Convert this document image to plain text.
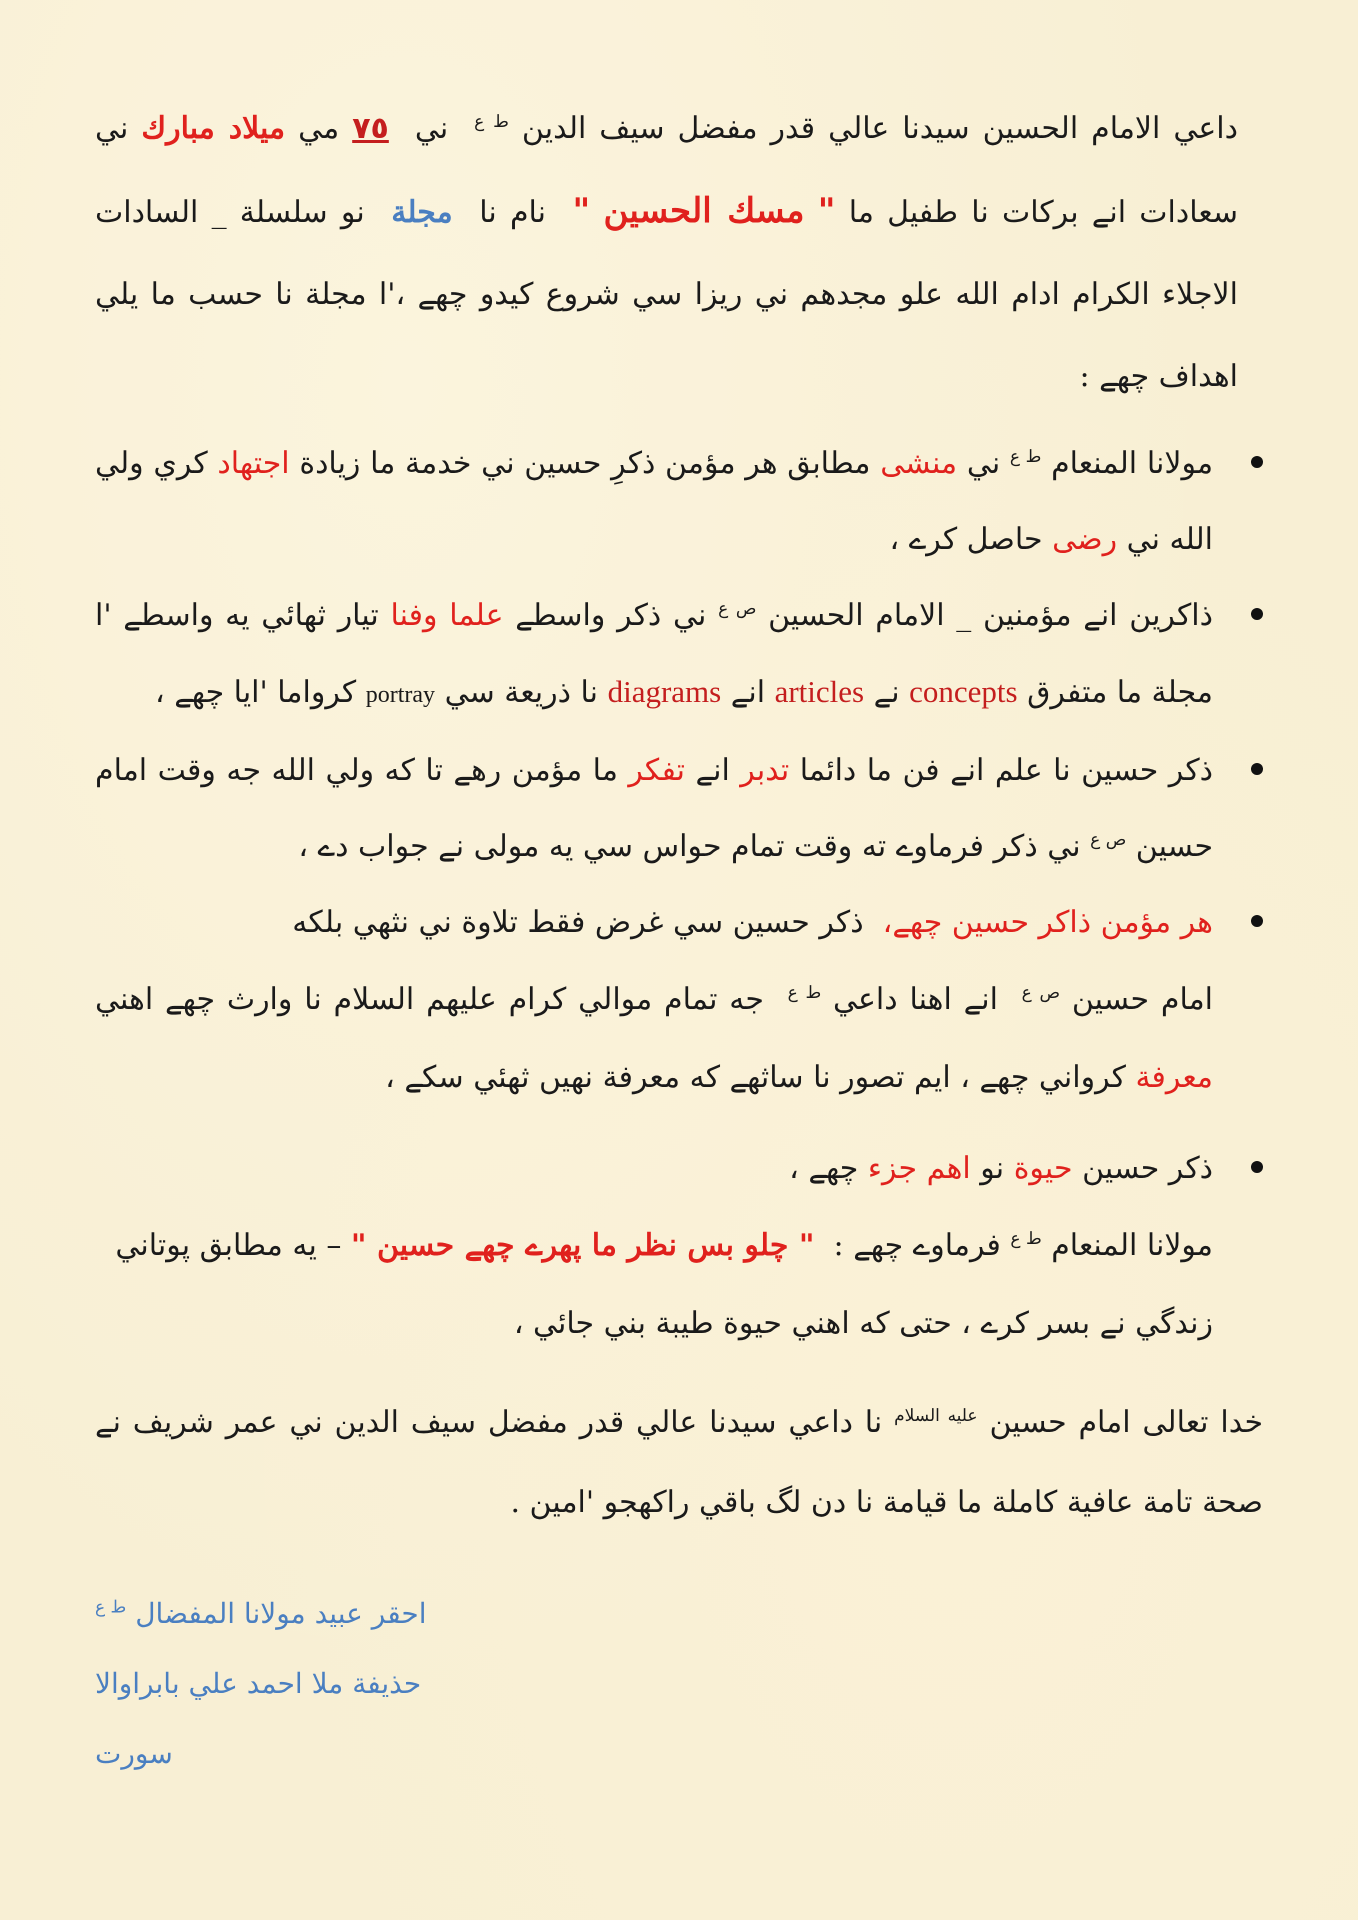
داعي الامام الحسين سيدنا عالي قدر مفضل سيف الدين $^{ط ع}$  ني  ٧٥ مي ميلاد مبارك ني سعادات انے برکات نا طفيل ما " مسك الحسين "  نام نا  مجلة  نو سلسلة _ السادات الاجلاء الکرام ادام الله علو مجدهم ني ريزا سي شروع کيدو چھے ،'ا مجلة نا حسب ما يلي اهداف چھے :

مولانا المنعام $^{ط ع}$ ني منشى مطابق هر مؤمن ذكرِ حسين ني خدمة ما زيادة اجتهاد کري ولي الله ني رضى حاصل کرے ،
ذاکرين انے مؤمنين _ الامام الحسين $^{ص ع}$ ني ذکر واسطے علما وفنا تيار ثهائي يه واسطے 'ا مجلة ما متفرق concepts نے articles انے diagrams نا ذريعة سي portray کرواما 'ايا چھے ،
ذکر حسين نا علم انے فن ما دائما تدبر انے تفكر ما مؤمن رهے تا که ولي الله جه وقت امام حسين $^{ص ع}$ ني ذکر فرماوے ته وقت تمام حواس سي يه مولى نے جواب دے ،
هر مؤمن ذاکر حسين چھے،  ذکر حسين سي غرض فقط تلاوة ني نثهي بلکه

امام حسين $^{ص ع}$  انے اهنا داعي $^{ط ع}$  جه تمام موالي کرام عليهم السلام نا وارث چھے اهني معرفة کرواني چھے ، ايم تصور نا ساثهے که معرفة نهيں ثهئي سکے ،

ذکر حسين حيوة نو اهم جزء چھے ،

مولانا المنعام $^{ط ع}$ فرماوے چھے :  " چلو بس نظر ما پھرے چھے حسين " – يه مطابق پوتاني زندگي نے بسر کرے ، حتى که اهني حيوة طيبة بني جائي ،

خدا تعالى امام حسين $^{عليه السلام}$ نا داعي سيدنا عالي قدر مفضل سيف الدين ني عمر شريف نے صحة تامة عافية کاملة ما قيامة نا دن لگ باقي راکهجو 'امين .

احقر عبيد مولانا المفضال $^{ط ع}$

حذيفة ملا احمد علي بابراوالا

سورت
